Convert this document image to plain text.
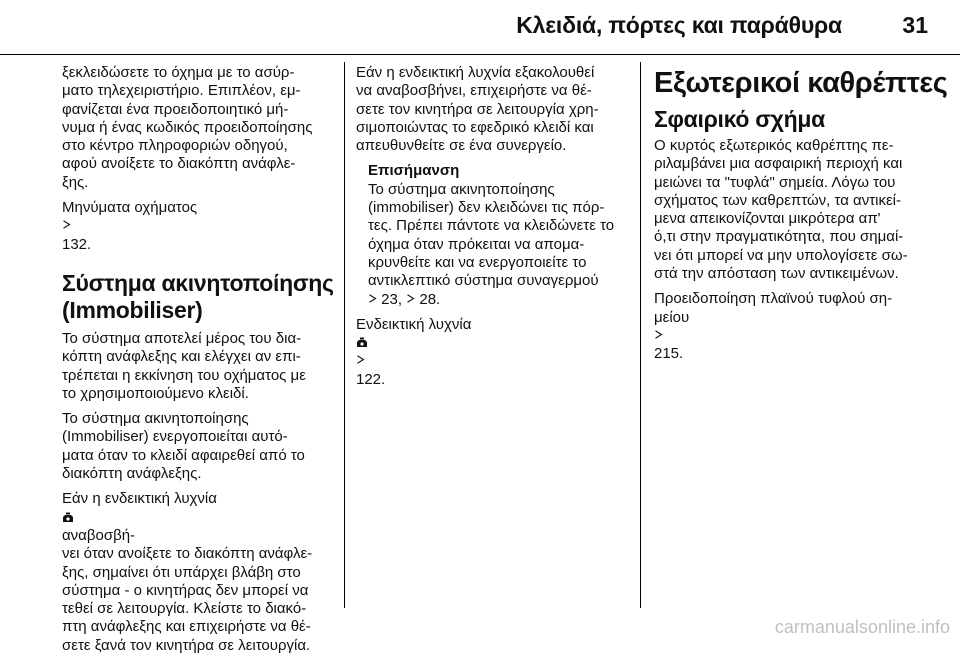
Κλειδιά, πόρτες και παράθυρα	31

ξεκλειδώσετε το όχημα με το ασύρ-
ματο τηλεχειριστήριο. Επιπλέον, εμ-
φανίζεται ένα προειδοποιητικό μή-
νυμα ή ένας κωδικός προειδοποίησης
στο κέντρο πληροφοριών οδηγού,
αφού ανοίξετε το διακόπτη ανάφλε-
ξης.

Μηνύματα οχήματος

132.

Σύστημα ακινητοποίησης
(Immobiliser)

Το σύστημα αποτελεί μέρος του δια-
κόπτη ανάφλεξης και ελέγχει αν επι-
τρέπεται η εκκίνηση του οχήματος με
το χρησιμοποιούμενο κλειδί.

Το σύστημα ακινητοποίησης
(Immobiliser) ενεργοποιείται αυτό-
ματα όταν το κλειδί αφαιρεθεί από το
διακόπτη ανάφλεξης.

Εάν η ενδεικτική λυχνία

αναβοσβή-
νει όταν ανοίξετε το διακόπτη ανάφλε-
ξης, σημαίνει ότι υπάρχει βλάβη στο
σύστημα - ο κινητήρας δεν μπορεί να
τεθεί σε λειτουργία. Κλείστε το διακό-
πτη ανάφλεξης και επιχειρήστε να θέ-
σετε ξανά τον κινητήρα σε λειτουργία.

Εάν η ενδεικτική λυχνία εξακολουθεί
να αναβοσβήνει, επιχειρήστε να θέ-
σετε τον κινητήρα σε λειτουργία χρη-
σιμοποιώντας το εφεδρικό κλειδί και
απευθυνθείτε σε ένα συνεργείο.

Επισήμανση
Το σύστημα ακινητοποίησης
(immobiliser) δεν κλειδώνει τις πόρ-
τες. Πρέπει πάντοτε να κλειδώνετε το
όχημα όταν πρόκειται να απομα-
κρυνθείτε και να ενεργοποιείτε το
αντικλεπτικό σύστημα συναγερμού
23, 28.

Ενδεικτική λυχνία

122.

Εξωτερικοί καθρέπτες
Σφαιρικό σχήμα

Ο κυρτός εξωτερικός καθρέπτης πε-
ριλαμβάνει μια ασφαιρική περιοχή και
μειώνει τα "τυφλά" σημεία. Λόγω του
σχήματος των καθρεπτών, τα αντικεί-
μενα απεικονίζονται μικρότερα απ'
ό,τι στην πραγματικότητα, που σημαί-
νει ότι μπορεί να μην υπολογίσετε σω-
στά την απόσταση των αντικειμένων.

Προειδοποίηση πλαϊνού τυφλού ση-
μείου

215.

carmanualsonline.info
